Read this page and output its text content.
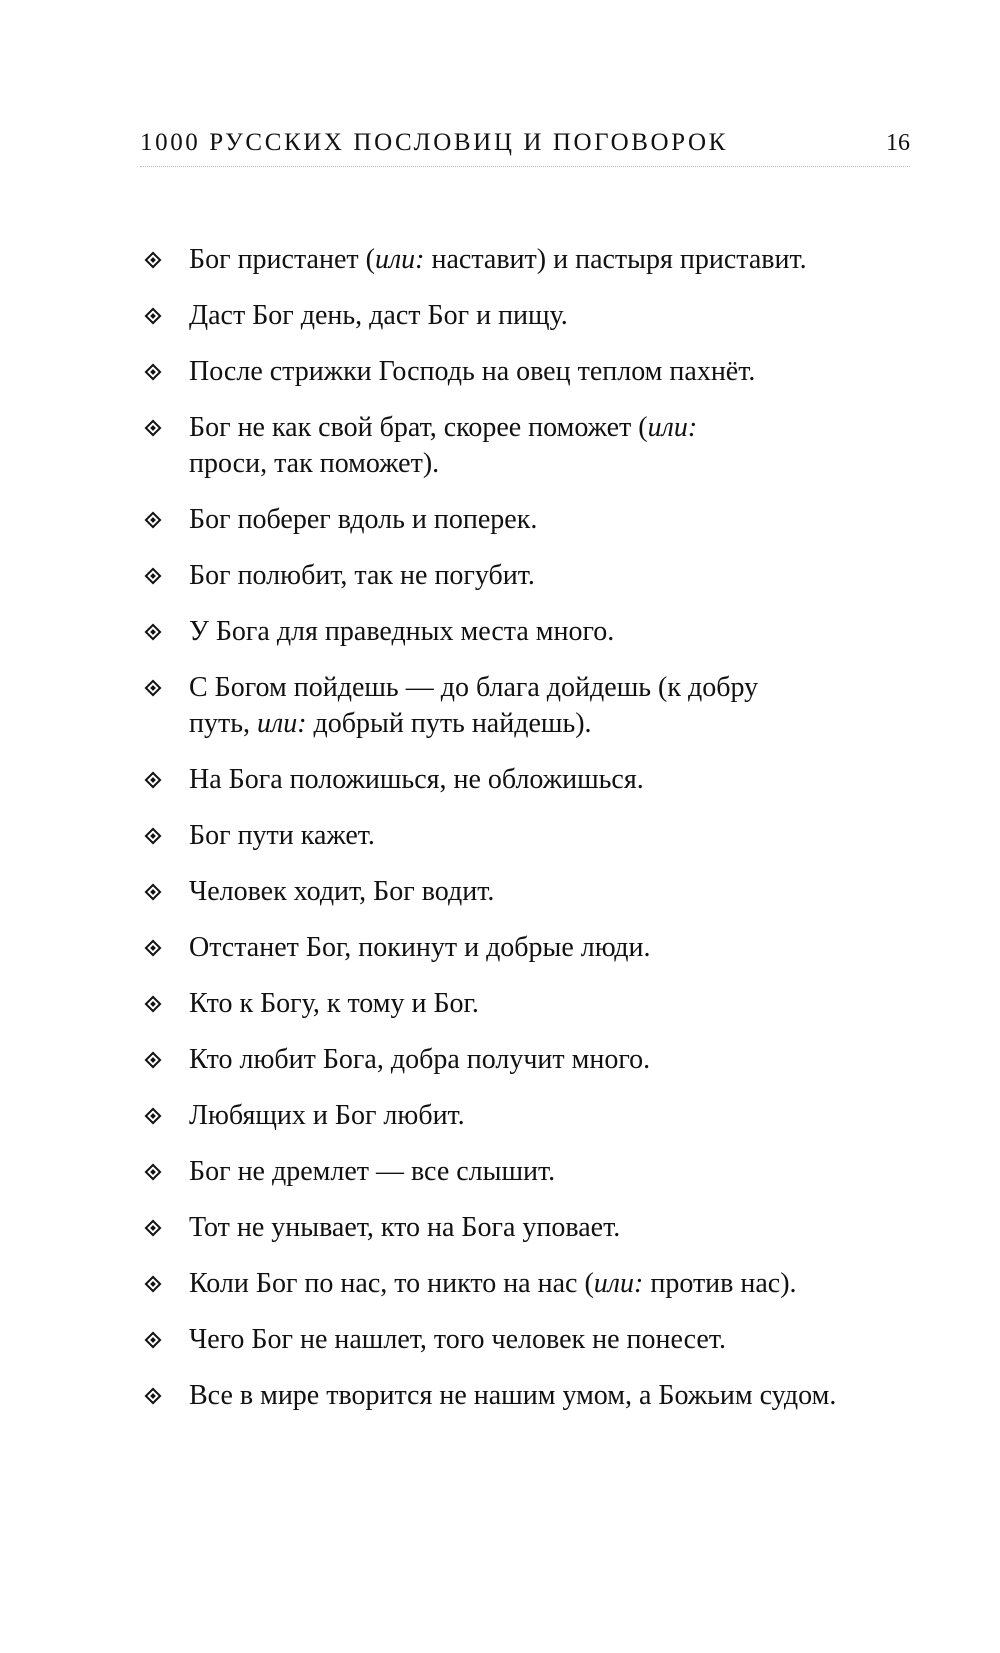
1000 РУССКИХ ПОСЛОВИЦ И ПОГОВОРОК	16
Бог пристанет (или: наставит) и пастыря приставит.
Даст Бог день, даст Бог и пищу.
После стрижки Господь на овец теплом пахнёт.
Бог не как свой брат, скорее поможет (или:
проси, так поможет).
Бог поберег вдоль и поперек.
Бог полюбит, так не погубит.
У Бога для праведных места много.
С Богом пойдешь — до блага дойдешь (к добру
путь, или: добрый путь найдешь).
На Бога положишься, не обложишься.
Бог пути кажет.
Человек ходит, Бог водит.
Отстанет Бог, покинут и добрые люди.
Кто к Богу, к тому и Бог.
Кто любит Бога, добра получит много.
Любящих и Бог любит.
Бог не дремлет — все слышит.
Тот не унывает, кто на Бога уповает.
Коли Бог по нас, то никто на нас (или: против нас).
Чего Бог не нашлет, того человек не понесет.
Все в мире творится не нашим умом, а Божьим судом.
